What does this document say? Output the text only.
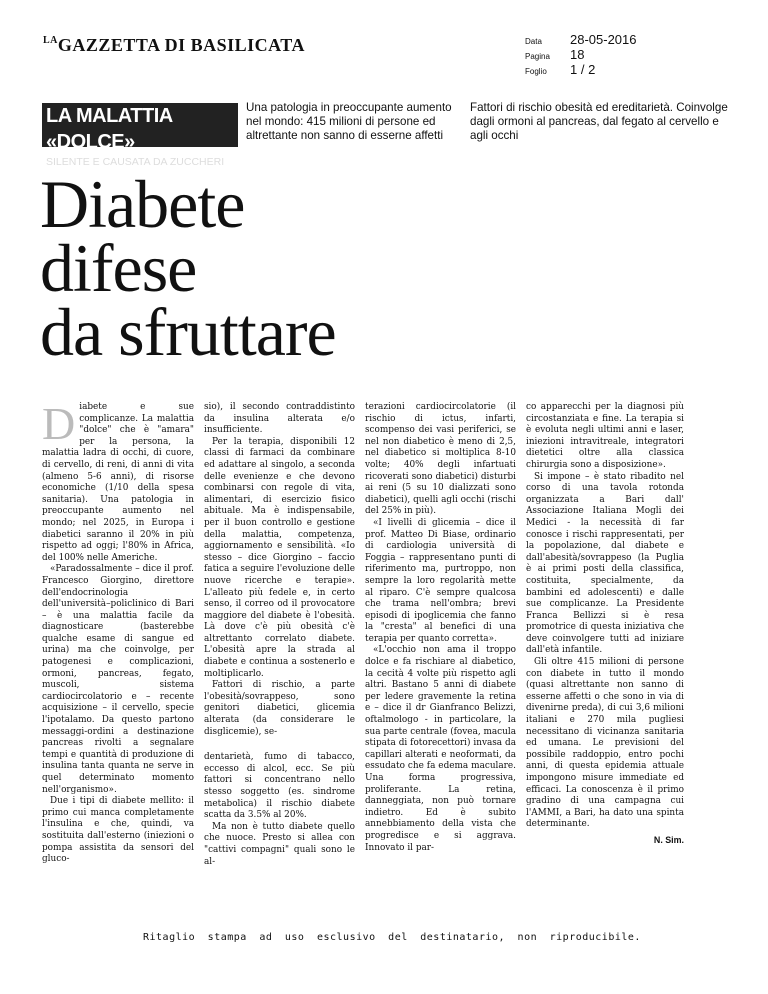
$^{LA}$GAZZETTA DI BASILICATA	Data	28-05-2016
Pagina	18
Foglio	1 / 2
LA MALATTIA «DOLCE»
SILENTE E CAUSATA DA ZUCCHERI
Una patologia in preoccupante aumento nel mondo: 415 milioni di persone ed altrettante non sanno di esserne affetti
Fattori di rischio obesità ed ereditarietà. Coinvolge dagli ormoni al pancreas, dal fegato al cervello e agli occhi
Diabete
difese
da sfruttare

Diabete e sue complicanze. La malattia "dolce" che è "amara" per la persona, la malattia ladra di occhi, di cuore, di cervello, di reni, di anni di vita (almeno 5-6 anni), di risorse economiche (1/10 della spesa sanitaria). Una patologia in preoccupante aumento nel mondo; nel 2025, in Europa i diabetici saranno il 20% in più rispetto ad oggi; l'80% in Africa, del 100% nelle Americhe.

«Paradossalmente – dice il prof. Francesco Giorgino, direttore dell'endocrinologia dell'università–policlinico di Bari – è una malattia facile da diagnosticare (basterebbe qualche esame di sangue ed urina) ma che coinvolge, per patogenesi e complicazioni, ormoni, pancreas, fegato, muscoli, sistema cardiocircolatorio e – recente acquisizione – il cervello, specie l'ipotalamo. Da questo partono messaggi-ordini a destinazione pancreas rivolti a segnalare tempi e quantità di produzione di insulina tanta quanta ne serve in quel determinato momento nell'organismo».

Due i tipi di diabete mellito: il primo cui manca completamente l'insulina e che, quindi, va sostituita dall'esterno (iniezioni o pompa assistita da sensori del gluco-

sio), il secondo contraddistinto da insulina alterata e/o insufficiente.

Per la terapia, disponibili 12 classi di farmaci da combinare ed adattare al singolo, a seconda delle evenienze e che devono combinarsi con regole di vita, alimentari, di esercizio fisico abituale. Ma è indispensabile, per il buon controllo e gestione della malattia, competenza, aggiornamento e sensibilità. «Io stesso – dice Giorgino – faccio fatica a seguire l'evoluzione delle nuove ricerche e terapie». L'alleato più fedele e, in certo senso, il correo od il provocatore maggiore del diabete è l'obesità. Là dove c'è più obesità c'è altrettanto correlato diabete. L'obesità apre la strada al diabete e continua a sostenerlo e moltiplicarlo.

Fattori di rischio, a parte l'obesità/sovrappeso, sono genitori diabetici, glicemia alterata (da considerare le disglicemie), se-

dentarietà, fumo di tabacco, eccesso di alcol, ecc. Se più fattori si concentrano nello stesso soggetto (es. sindrome metabolica) il rischio diabete scatta da 3.5% al 20%.

Ma non è tutto diabete quello che nuoce. Presto si allea con "cattivi compagni" quali sono le al-

terazioni cardiocircolatorie (il rischio di ictus, infarti, scompenso dei vasi periferici, se nel non diabetico è meno di 2,5, nel diabetico si moltiplica 8-10 volte; 40% degli infartuati ricoverati sono diabetici) disturbi ai reni (5 su 10 dializzati sono diabetici), quelli agli occhi (rischi del 25% in più).

«I livelli di glicemia – dice il prof. Matteo Di Biase, ordinario di cardiologia università di Foggia – rappresentano punti di riferimento ma, purtroppo, non sempre la loro regolarità mette al riparo. C'è sempre qualcosa che trama nell'ombra; brevi episodi di ipoglicemia che fanno la "cresta" al benefici di una terapia per quanto corretta».

«L'occhio non ama il troppo dolce e fa rischiare al diabetico, la cecità 4 volte più rispetto agli altri. Bastano 5 anni di diabete per ledere gravemente la retina e – dice il dr Gianfranco Belizzi, oftalmologo - in particolare, la sua parte centrale (fovea, macula stipata di fotorecettori) invasa da capillari alterati e neoformati, da essudato che fa edema maculare. Una forma progressiva, proliferante. La retina, danneggiata, non può tornare indietro. Ed è subito annebbiamento della vista che progredisce e si aggrava. Innovato il par-

co apparecchi per la diagnosi più circostanziata e fine. La terapia si è evoluta negli ultimi anni e laser, iniezioni intravitreale, integratori dietetici oltre alla classica chirurgia sono a disposizione».

Si impone – è stato ribadito nel corso di una tavola rotonda organizzata a Bari dall' Associazione Italiana Mogli dei Medici - la necessità di far conosce i rischi rappresentati, per la popolazione, dal diabete e dall'abesità/sovrappeso (la Puglia è ai primi posti della classifica, costituita, specialmente, da bambini ed adolescenti) e dalle sue complicanze. La Presidente Franca Bellizzi si è resa promotrice di questa iniziativa che deve coinvolgere tutti ad iniziare dall'età infantile.

Gli oltre 415 milioni di persone con diabete in tutto il mondo (quasi altrettante non sanno di esserne affetti o che sono in via di divenirne preda), di cui 3,6 milioni italiani e 270 mila pugliesi necessitano di vicinanza sanitaria ed umana. Le previsioni del possibile raddoppio, entro pochi anni, di questa epidemia attuale impongono misure immediate ed efficaci. La conoscenza è il primo gradino di una campagna cui l'AMMI, a Bari, ha dato una spinta determinante.

N. Sim.
Ritaglio stampa ad uso esclusivo del destinatario, non riproducibile.
